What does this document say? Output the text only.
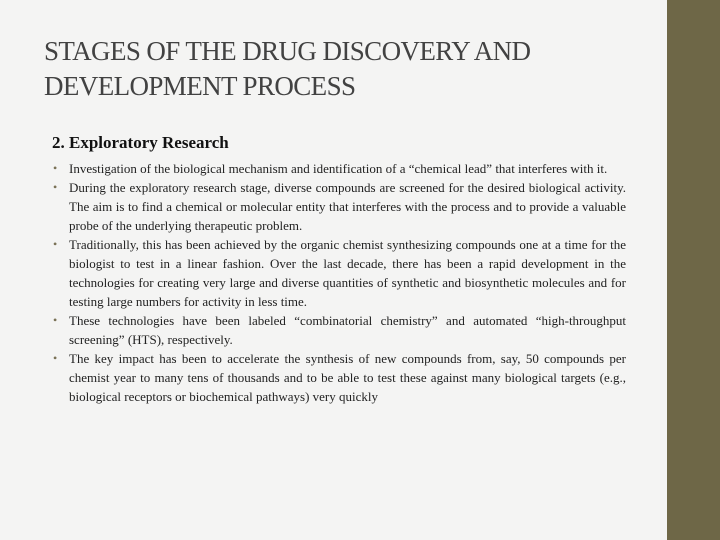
STAGES OF THE DRUG DISCOVERY AND DEVELOPMENT PROCESS
2. Exploratory Research
• Investigation of the biological mechanism and identification of a “chemical lead” that interferes with it.
• During the exploratory research stage, diverse compounds are screened for the desired biological activity. The aim is to find a chemical or molecular entity that interferes with the process and to provide a valuable probe of the underlying therapeutic problem.
• Traditionally, this has been achieved by the organic chemist synthesizing compounds one at a time for the biologist to test in a linear fashion. Over the last decade, there has been a rapid development in the technologies for creating very large and diverse quantities of synthetic and biosynthetic molecules and for testing large numbers for activity in less time.
• These technologies have been labeled “combinatorial chemistry” and automated “high-throughput screening” (HTS), respectively.
• The key impact has been to accelerate the synthesis of new compounds from, say, 50 compounds per chemist year to many tens of thousands and to be able to test these against many biological targets (e.g., biological receptors or biochemical pathways) very quickly
